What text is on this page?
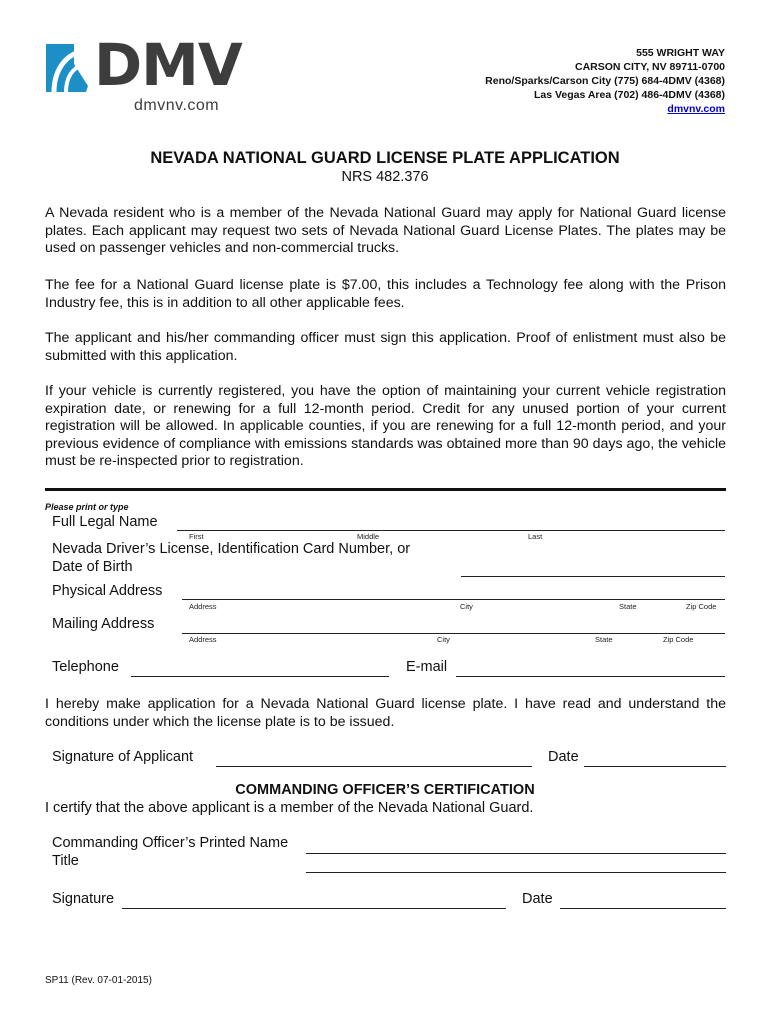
DMV
dmvnv.com
555 WRIGHT WAY
CARSON CITY, NV 89711-0700
Reno/Sparks/Carson City (775) 684-4DMV (4368)
Las Vegas Area (702) 486-4DMV (4368)
dmvnv.com
NEVADA NATIONAL GUARD LICENSE PLATE APPLICATION
NRS 482.376
A Nevada resident who is a member of the Nevada National Guard may apply for National Guard license plates. Each applicant may request two sets of Nevada National Guard License Plates. The plates may be used on passenger vehicles and non-commercial trucks.
The fee for a National Guard license plate is $7.00, this includes a Technology fee along with the Prison Industry fee, this is in addition to all other applicable fees.
The applicant and his/her commanding officer must sign this application. Proof of enlistment must also be submitted with this application.
If your vehicle is currently registered, you have the option of maintaining your current vehicle registration expiration date, or renewing for a full 12-month period. Credit for any unused portion of your current registration will be allowed. In applicable counties, if you are renewing for a full 12-month period, and your previous evidence of compliance with emissions standards was obtained more than 90 days ago, the vehicle must be re-inspected prior to registration.
Please print or type
Full Legal Name
First	Middle	Last
Nevada Driver’s License, Identification Card Number, or
Date of Birth
Physical Address
Address	City	State	Zip Code
Mailing Address
Address	City	State	Zip Code
Telephone	E-mail
I hereby make application for a Nevada National Guard license plate. I have read and understand the conditions under which the license plate is to be issued.
Signature of Applicant	Date
COMMANDING OFFICER’S CERTIFICATION
I certify that the above applicant is a member of the Nevada National Guard.
Commanding Officer’s Printed Name
Title
Signature	Date
SP11 (Rev. 07-01-2015)
